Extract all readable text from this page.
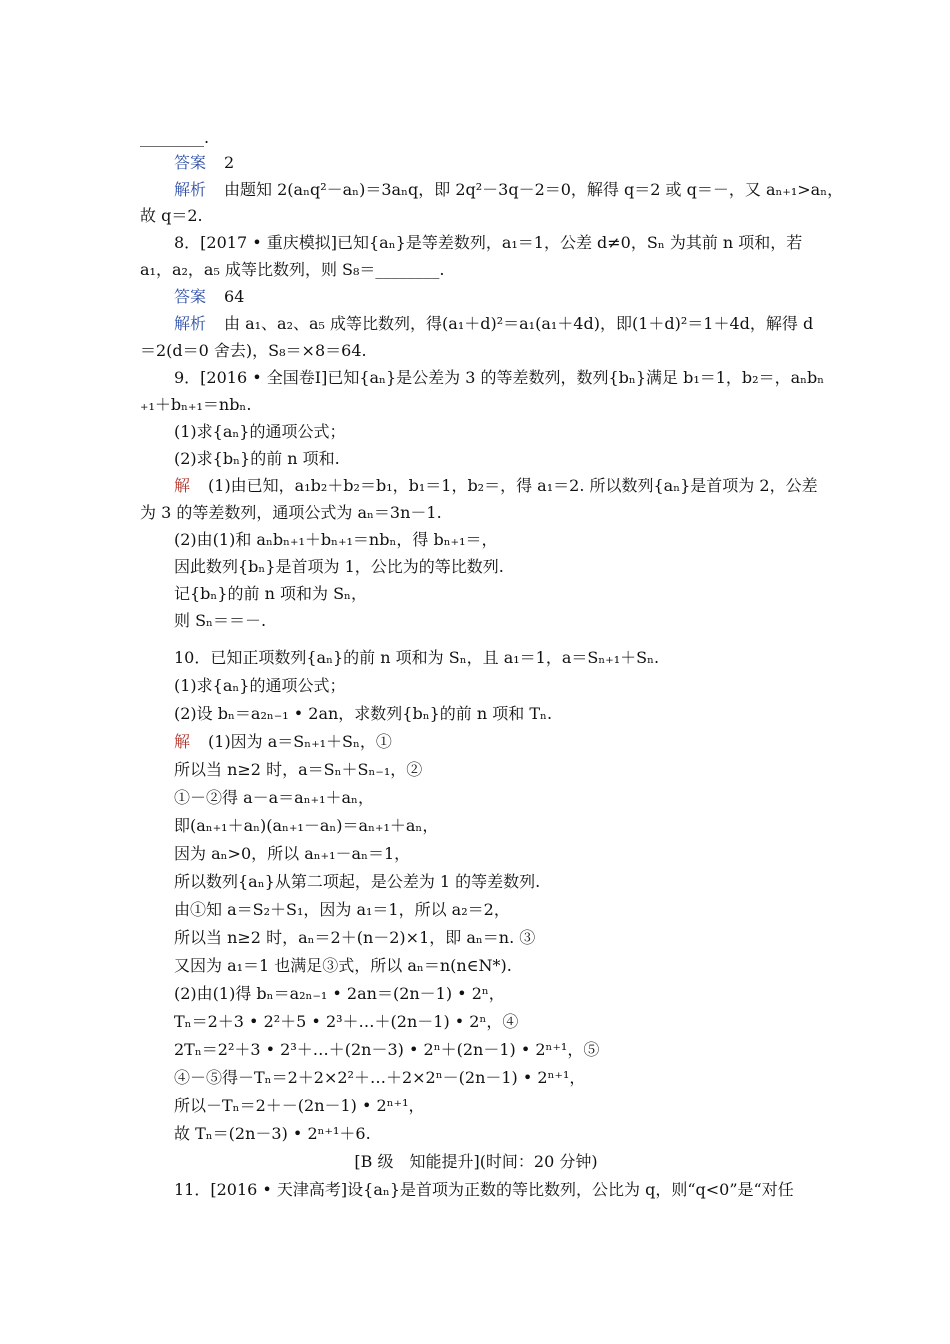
________.
答案 2
解析 由题知 2(aₙq²－aₙ)＝3aₙq，即 2q²－3q－2＝0，解得 q＝2 或 q＝－，又 aₙ₊₁>aₙ，
故 q＝2.
8．[2017 • 重庆模拟]已知{aₙ}是等差数列，a₁＝1，公差 d≠0，Sₙ 为其前 n 项和，若
a₁，a₂，a₅ 成等比数列，则 S₈＝________.
答案 64
解析 由 a₁、a₂、a₅ 成等比数列，得(a₁＋d)²＝a₁(a₁＋4d)，即(1＋d)²＝1＋4d，解得 d
＝2(d＝0 舍去)，S₈＝×8＝64.
9．[2016 • 全国卷Ⅰ]已知{aₙ}是公差为 3 的等差数列，数列{bₙ}满足 b₁＝1，b₂＝，aₙbₙ
₊₁＋bₙ₊₁＝nbₙ.
(1)求{aₙ}的通项公式；
(2)求{bₙ}的前 n 项和.
解 (1)由已知，a₁b₂＋b₂＝b₁，b₁＝1，b₂＝，得 a₁＝2. 所以数列{aₙ}是首项为 2，公差
为 3 的等差数列，通项公式为 aₙ＝3n－1.
(2)由(1)和 aₙbₙ₊₁＋bₙ₊₁＝nbₙ，得 bₙ₊₁＝，
因此数列{bₙ}是首项为 1，公比为的等比数列.
记{bₙ}的前 n 项和为 Sₙ，
则 Sₙ＝＝－.
10．已知正项数列{aₙ}的前 n 项和为 Sₙ，且 a₁＝1，a＝Sₙ₊₁＋Sₙ.
(1)求{aₙ}的通项公式；
(2)设 bₙ＝a₂ₙ₋₁ • 2an，求数列{bₙ}的前 n 项和 Tₙ.
解 (1)因为 a＝Sₙ₊₁＋Sₙ，①
所以当 n≥2 时，a＝Sₙ＋Sₙ₋₁，②
①－②得 a－a＝aₙ₊₁＋aₙ，
即(aₙ₊₁＋aₙ)(aₙ₊₁－aₙ)＝aₙ₊₁＋aₙ，
因为 aₙ>0，所以 aₙ₊₁－aₙ＝1，
所以数列{aₙ}从第二项起，是公差为 1 的等差数列.
由①知 a＝S₂＋S₁，因为 a₁＝1，所以 a₂＝2，
所以当 n≥2 时，aₙ＝2＋(n－2)×1，即 aₙ＝n. ③
又因为 a₁＝1 也满足③式，所以 aₙ＝n(n∈N*).
(2)由(1)得 bₙ＝a₂ₙ₋₁ • 2an＝(2n－1) • 2ⁿ，
Tₙ＝2＋3 • 2²＋5 • 2³＋…＋(2n－1) • 2ⁿ，④
2Tₙ＝2²＋3 • 2³＋…＋(2n－3) • 2ⁿ＋(2n－1) • 2ⁿ⁺¹，⑤
④－⑤得－Tₙ＝2＋2×2²＋…＋2×2ⁿ－(2n－1) • 2ⁿ⁺¹，
所以－Tₙ＝2＋－(2n－1) • 2ⁿ⁺¹，
故 Tₙ＝(2n－3) • 2ⁿ⁺¹＋6.
[B 级　知能提升](时间：20 分钟)
11．[2016 • 天津高考]设{aₙ}是首项为正数的等比数列，公比为 q，则“q<0”是“对任
